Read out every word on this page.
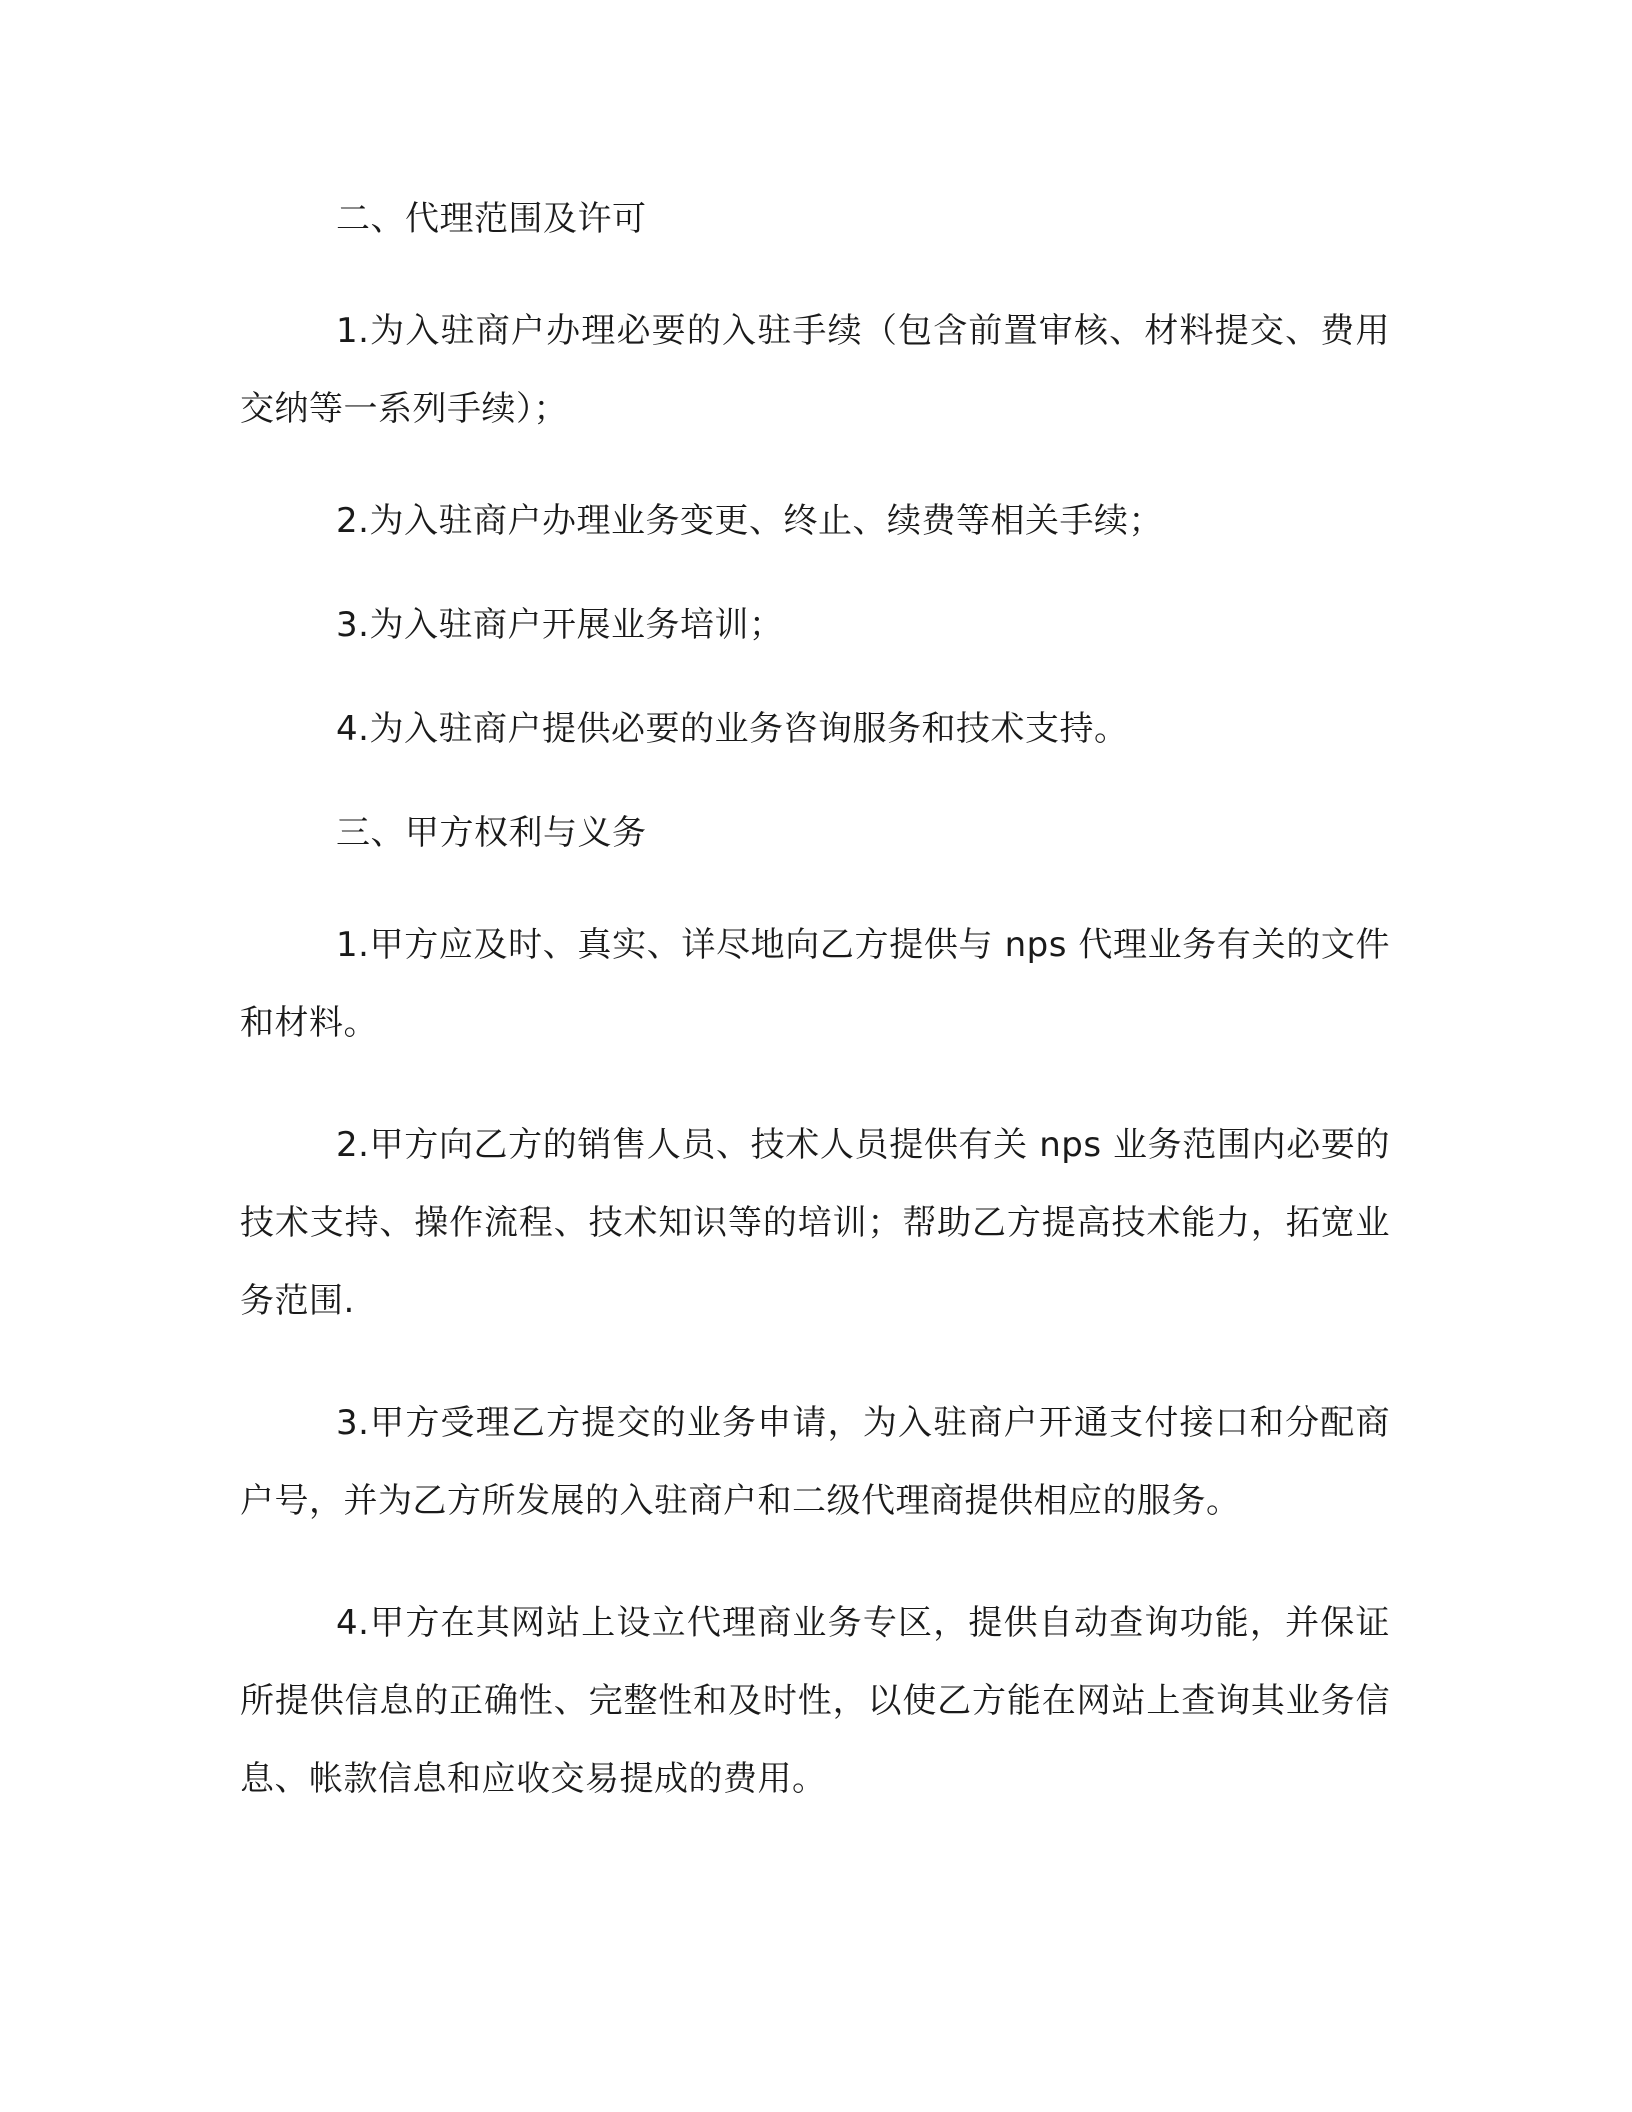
二、代理范围及许可

1.为入驻商户办理必要的入驻手续（包含前置审核、材料提交、费用交纳等一系列手续）；

2.为入驻商户办理业务变更、终止、续费等相关手续；

3.为入驻商户开展业务培训；

4.为入驻商户提供必要的业务咨询服务和技术支持。

三、甲方权利与义务

1.甲方应及时、真实、详尽地向乙方提供与 nps 代理业务有关的文件和材料。

2.甲方向乙方的销售人员、技术人员提供有关 nps 业务范围内必要的技术支持、操作流程、技术知识等的培训；帮助乙方提高技术能力，拓宽业务范围.

3.甲方受理乙方提交的业务申请，为入驻商户开通支付接口和分配商户号，并为乙方所发展的入驻商户和二级代理商提供相应的服务。

4.甲方在其网站上设立代理商业务专区，提供自动查询功能，并保证所提供信息的正确性、完整性和及时性，以使乙方能在网站上查询其业务信息、帐款信息和应收交易提成的费用。
